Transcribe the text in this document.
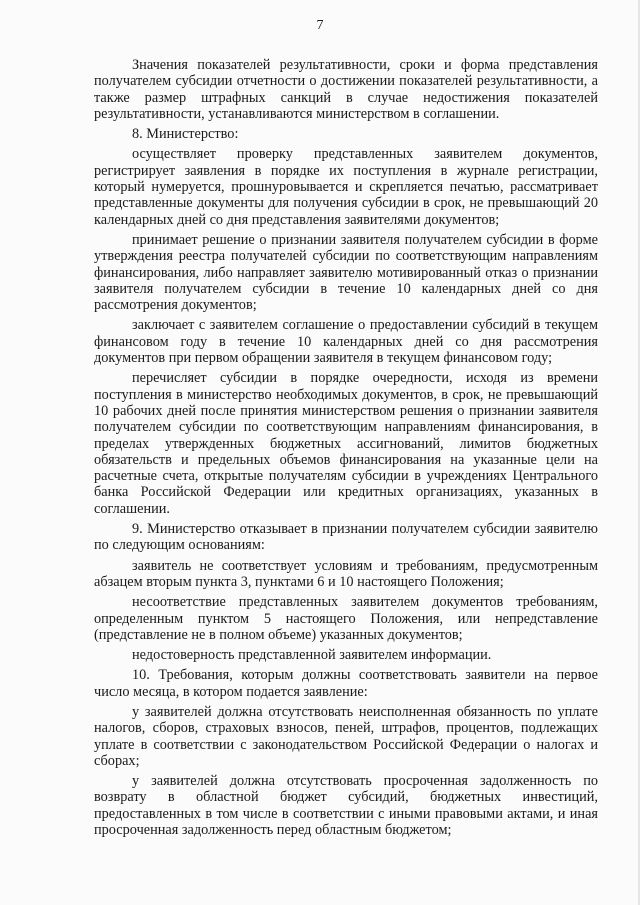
7

Значения показателей результативности, сроки и форма представления получателем субсидии отчетности о достижении показателей результативности, а также размер штрафных санкций в случае недостижения показателей результативности, устанавливаются министерством в соглашении.

8. Министерство:

осуществляет проверку представленных заявителем документов, регистрирует заявления в порядке их поступления в журнале регистрации, который нумеруется, прошнуровывается и скрепляется печатью, рассматривает представленные документы для получения субсидии в срок, не превышающий 20 календарных дней со дня представления заявителями документов;

принимает решение о признании заявителя получателем субсидии в форме утверждения реестра получателей субсидии по соответствующим направлениям финансирования, либо направляет заявителю мотивированный отказ о признании заявителя получателем субсидии в течение 10 календарных дней со дня рассмотрения документов;

заключает с заявителем соглашение о предоставлении субсидий в текущем финансовом году в течение 10 календарных дней со дня рассмотрения документов при первом обращении заявителя в текущем финансовом году;

перечисляет субсидии в порядке очередности, исходя из времени поступления в министерство необходимых документов, в срок, не превышающий 10 рабочих дней после принятия министерством решения о признании заявителя получателем субсидии по соответствующим направлениям финансирования, в пределах утвержденных бюджетных ассигнований, лимитов бюджетных обязательств и предельных объемов финансирования на указанные цели на расчетные счета, открытые получателям субсидии в учреждениях Центрального банка Российской Федерации или кредитных организациях, указанных в соглашении.

9. Министерство отказывает в признании получателем субсидии заявителю по следующим основаниям:

заявитель не соответствует условиям и требованиям, предусмотренным абзацем вторым пункта 3, пунктами 6 и 10 настоящего Положения;

несоответствие представленных заявителем документов требованиям, определенным пунктом 5 настоящего Положения, или непредставление (представление не в полном объеме) указанных документов;

недостоверность представленной заявителем информации.

10. Требования, которым должны соответствовать заявители на первое число месяца, в котором подается заявление:

у заявителей должна отсутствовать неисполненная обязанность по уплате налогов, сборов, страховых взносов, пеней, штрафов, процентов, подлежащих уплате в соответствии с законодательством Российской Федерации о налогах и сборах;

у заявителей должна отсутствовать просроченная задолженность по возврату в областной бюджет субсидий, бюджетных инвестиций, предоставленных в том числе в соответствии с иными правовыми актами, и иная просроченная задолженность перед областным бюджетом;
